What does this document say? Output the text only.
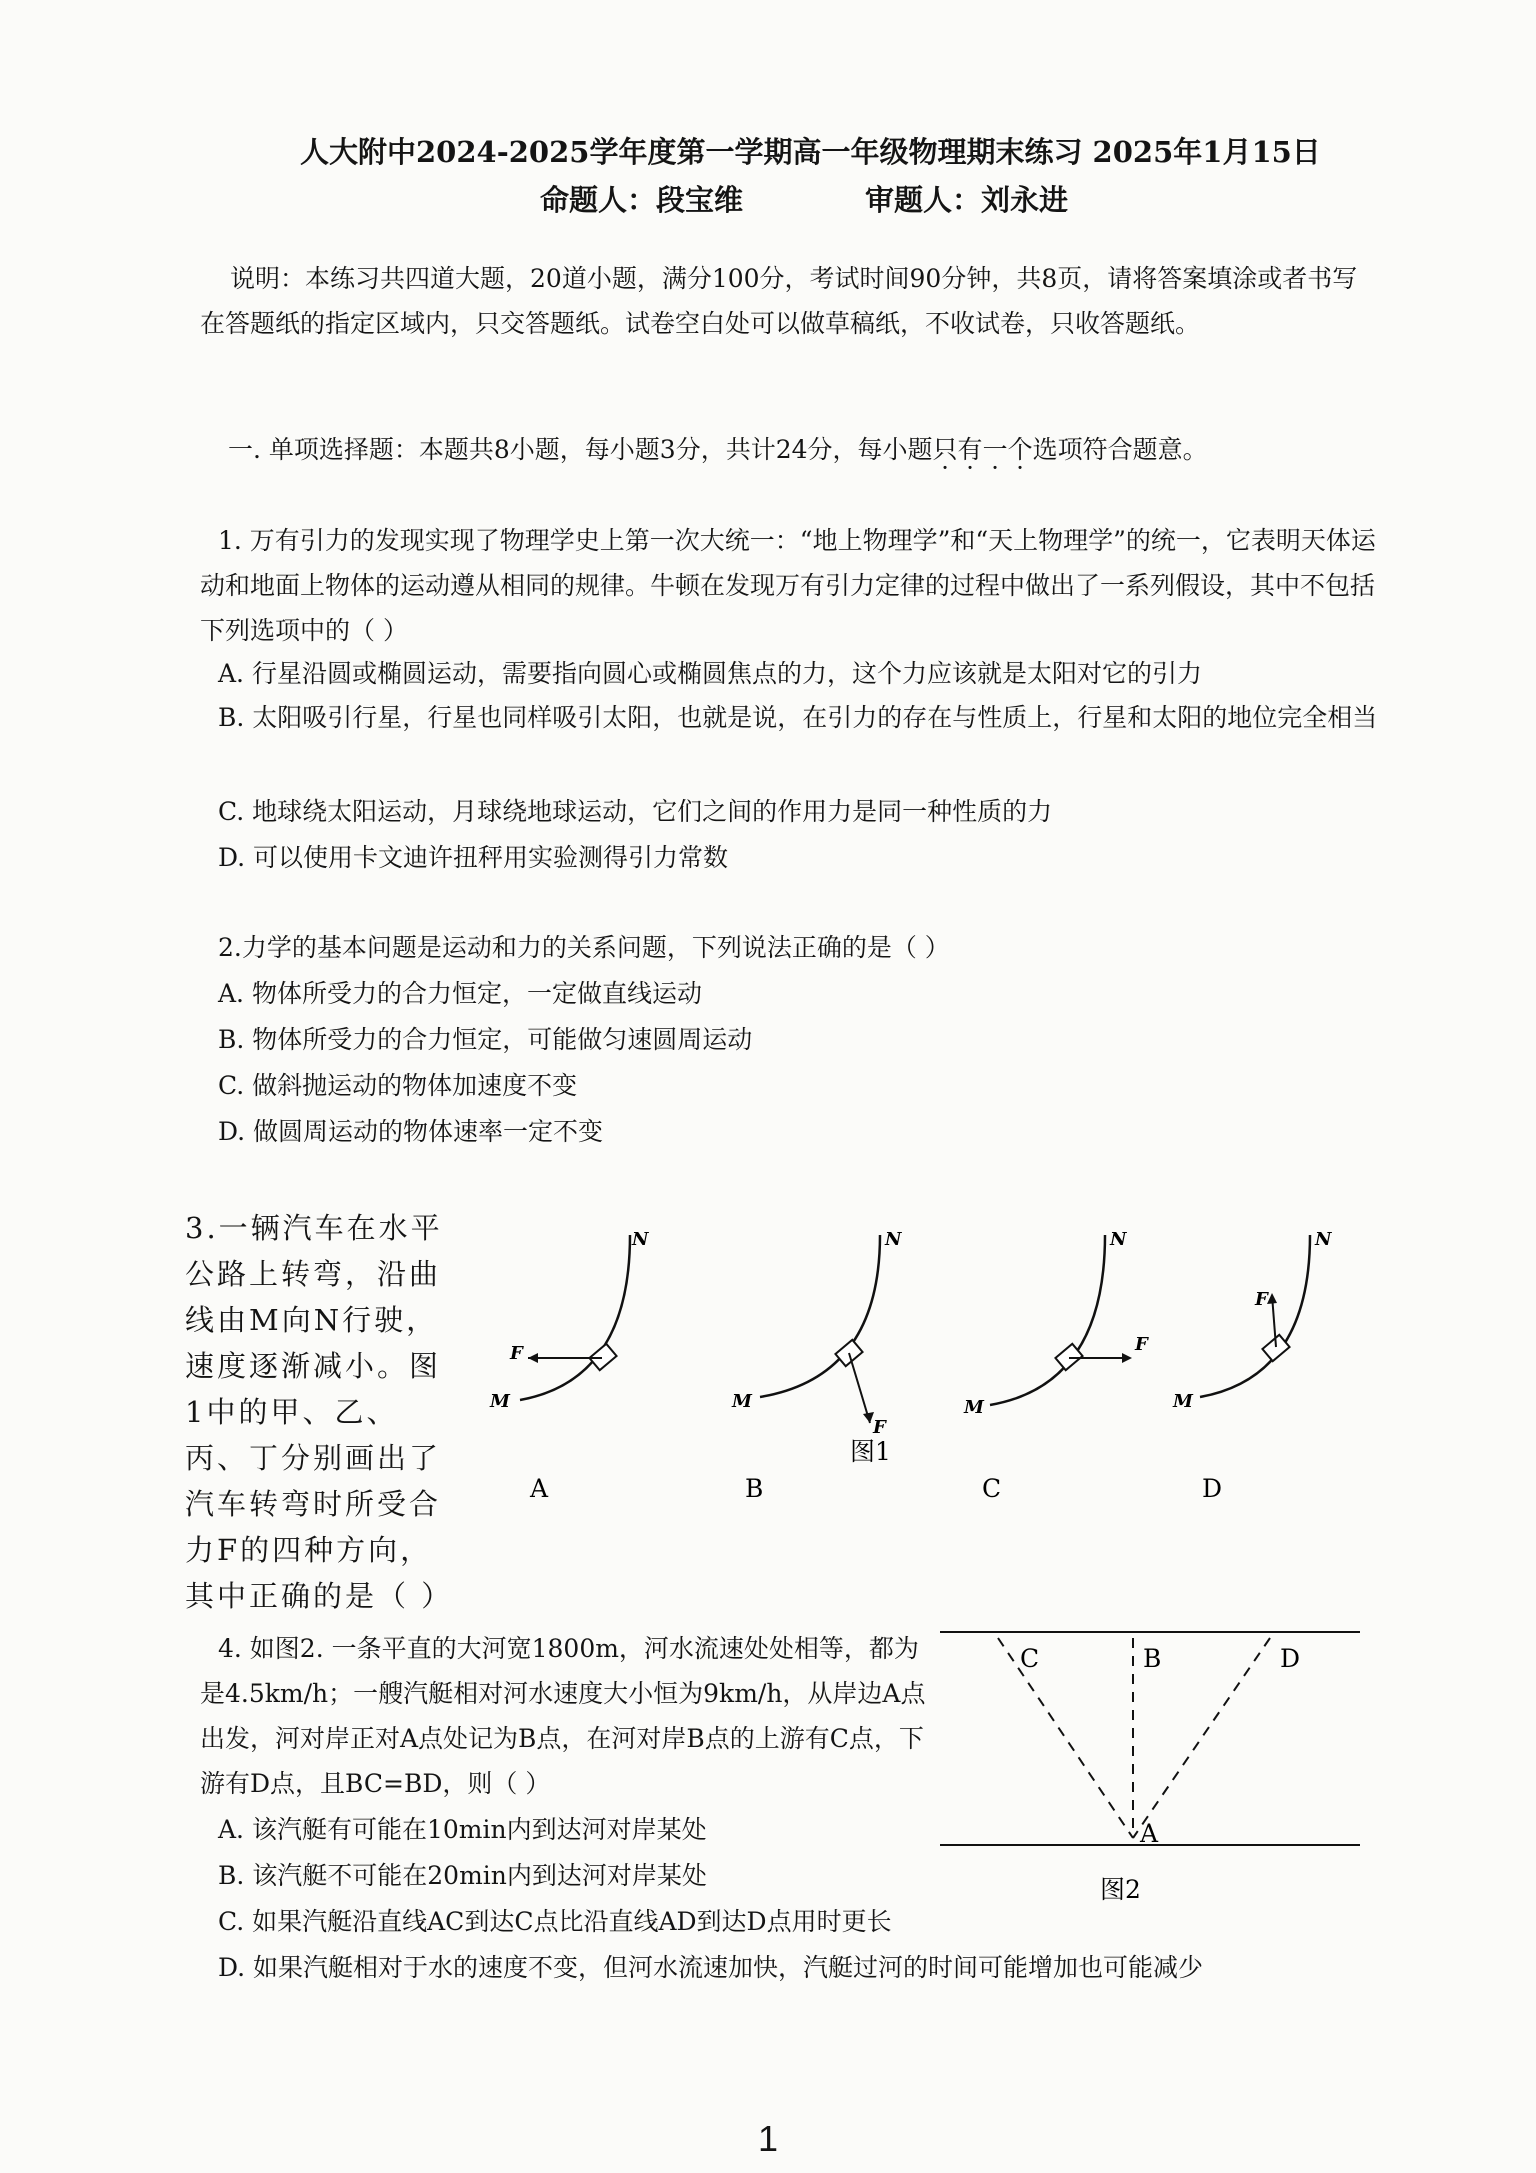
人大附中2024-2025学年度第一学期高一年级物理期末练习 2025年1月15日
命题人：段宝维	审题人：刘永进
说明：本练习共四道大题，20道小题，满分100分，考试时间90分钟，共8页，请将答案填涂或者书写在答题纸的指定区域内，只交答题纸。试卷空白处可以做草稿纸，不收试卷，只收答题纸。
一. 单项选择题：本题共8小题，每小题3分，共计24分，每小题只有一个选项符合题意。
1. 万有引力的发现实现了物理学史上第一次大统一：“地上物理学”和“天上物理学”的统一，它表明天体运动和地面上物体的运动遵从相同的规律。牛顿在发现万有引力定律的过程中做出了一系列假设，其中不包括下列选项中的（ ）
A. 行星沿圆或椭圆运动，需要指向圆心或椭圆焦点的力，这个力应该就是太阳对它的引力
B. 太阳吸引行星，行星也同样吸引太阳，也就是说，在引力的存在与性质上，行星和太阳的地位完全相当
C. 地球绕太阳运动，月球绕地球运动，它们之间的作用力是同一种性质的力
D. 可以使用卡文迪许扭秤用实验测得引力常数
2.力学的基本问题是运动和力的关系问题，下列说法正确的是（ ）
A. 物体所受力的合力恒定，一定做直线运动
B. 物体所受力的合力恒定，可能做匀速圆周运动
C. 做斜抛运动的物体加速度不变
D. 做圆周运动的物体速率一定不变
3.一辆汽车在水平公路上转弯，沿曲线由M向N行驶，速度逐渐减小。图1中的甲、乙、丙、丁分别画出了汽车转弯时所受合力F的四种方向，其中正确的是（ ）
F
M
N
A
F
M
N
B
图1
F
M
N
C
F
M
N
D
4. 如图2. 一条平直的大河宽1800m，河水流速处处相等，都为是4.5km/h；一艘汽艇相对河水速度大小恒为9km/h，从岸边A点出发，河对岸正对A点处记为B点，在河对岸B点的上游有C点，下游有D点，且BC=BD，则（ ）
A. 该汽艇有可能在10min内到达河对岸某处
B. 该汽艇不可能在20min内到达河对岸某处
C. 如果汽艇沿直线AC到达C点比沿直线AD到达D点用时更长
D. 如果汽艇相对于水的速度不变，但河水流速加快，汽艇过河的时间可能增加也可能减少
C	B	D
A
图2
1
